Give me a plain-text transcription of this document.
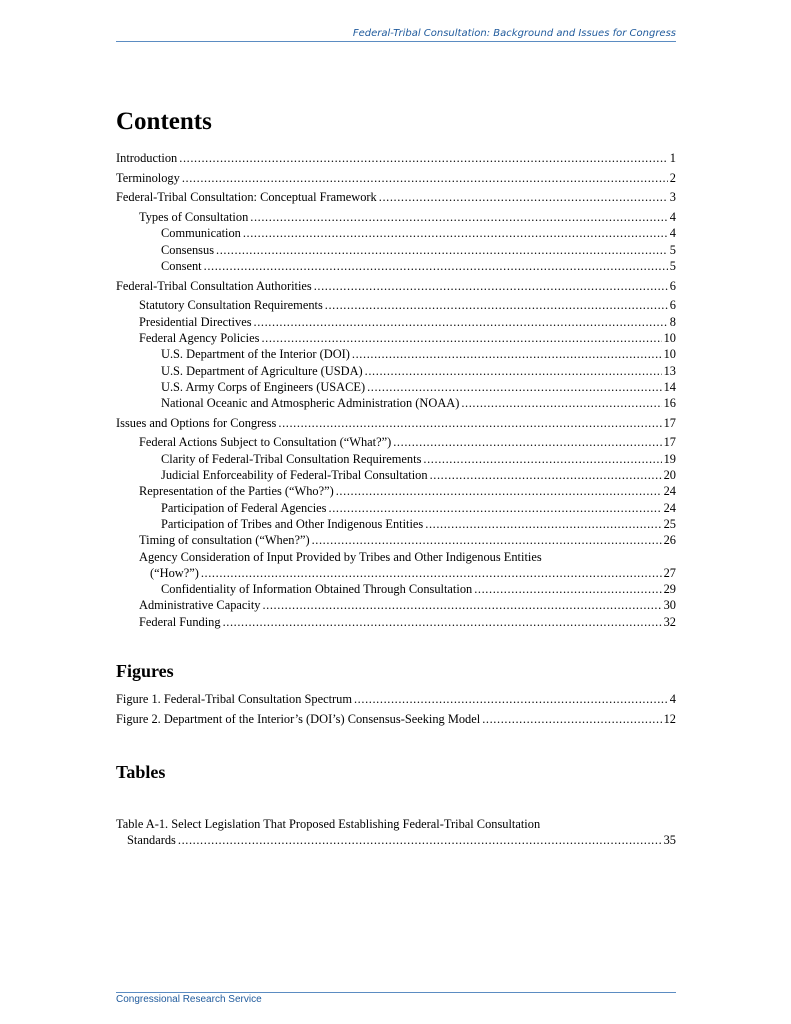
Federal-Tribal Consultation: Background and Issues for Congress
Contents
Introduction .....	1
Terminology .....	2
Federal-Tribal Consultation: Conceptual Framework .....	3
Types of Consultation .....	4
Communication .....	4
Consensus .....	5
Consent .....	5
Federal-Tribal Consultation Authorities .....	6
Statutory Consultation Requirements .....	6
Presidential Directives .....	8
Federal Agency Policies .....	10
U.S. Department of the Interior (DOI) .....	10
U.S. Department of Agriculture (USDA) .....	13
U.S. Army Corps of Engineers (USACE) .....	14
National Oceanic and Atmospheric Administration (NOAA) .....	16
Issues and Options for Congress .....	17
Federal Actions Subject to Consultation (“What?”) .....	17
Clarity of Federal-Tribal Consultation Requirements .....	19
Judicial Enforceability of Federal-Tribal Consultation .....	20
Representation of the Parties (“Who?”) .....	24
Participation of Federal Agencies .....	24
Participation of Tribes and Other Indigenous Entities .....	25
Timing of consultation (“When?”) .....	26
Agency Consideration of Input Provided by Tribes and Other Indigenous Entities
(“How?”) .....	27
Confidentiality of Information Obtained Through Consultation .....	29
Administrative Capacity .....	30
Federal Funding .....	32
Figures
Figure 1. Federal-Tribal Consultation Spectrum .....	4
Figure 2. Department of the Interior’s (DOI’s) Consensus-Seeking Model .....	12
Tables
Table A-1. Select Legislation That Proposed Establishing Federal-Tribal Consultation
Standards .....	35
Congressional Research Service
